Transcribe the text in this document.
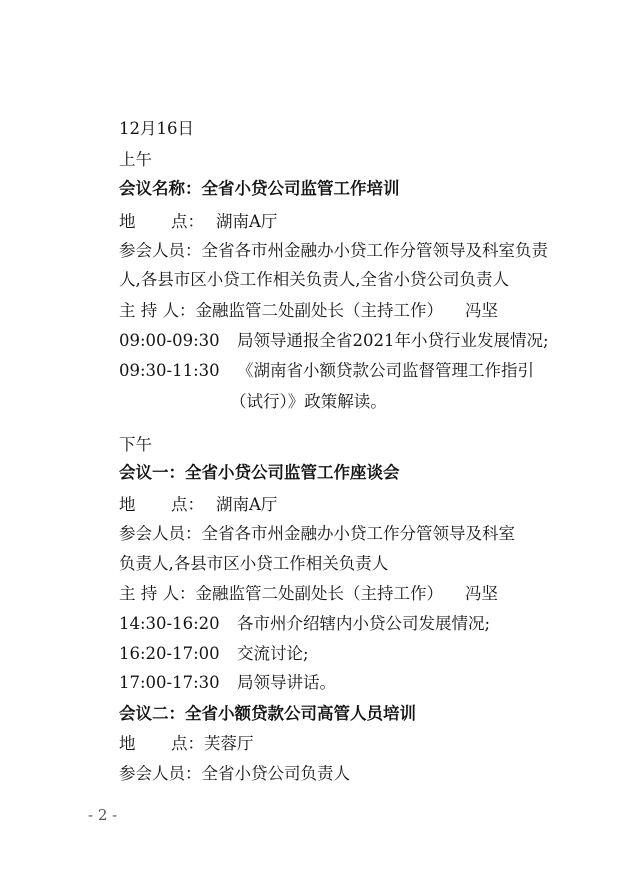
12月16日
上午
会议名称：全省小贷公司监管工作培训
地 点： 湖南A厅
参会人员：全省各市州金融办小贷工作分管领导及科室负责
人,各县市区小贷工作相关负责人,全省小贷公司负责人
主 持 人：金融监管二处副处长（主持工作） 冯坚
09:00-09:30 局领导通报全省2021年小贷行业发展情况;
09:30-11:30 《湖南省小额贷款公司监督管理工作指引
（试行）》政策解读。
下午
会议一：全省小贷公司监管工作座谈会
地 点： 湖南A厅
参会人员：全省各市州金融办小贷工作分管领导及科室
负责人,各县市区小贷工作相关负责人
主 持 人：金融监管二处副处长（主持工作） 冯坚
14:30-16:20 各市州介绍辖内小贷公司发展情况;
16:20-17:00 交流讨论;
17:00-17:30 局领导讲话。
会议二：全省小额贷款公司高管人员培训
地 点：芙蓉厅
参会人员：全省小贷公司负责人
- 2 -
